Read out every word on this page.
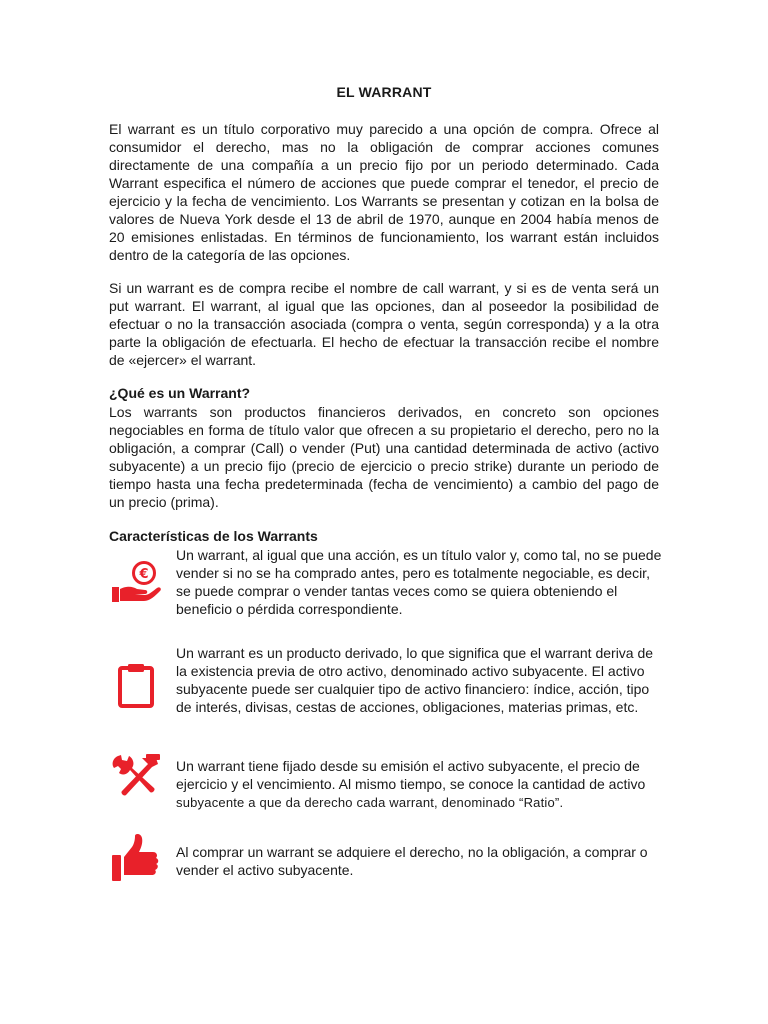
EL WARRANT

El warrant es un título corporativo muy parecido a una opción de compra. Ofrece al consumidor el derecho, mas no la obligación de comprar acciones comunes directamente de una compañía a un precio fijo por un periodo determinado. Cada Warrant especifica el número de acciones que puede comprar el tenedor, el precio de ejercicio y la fecha de vencimiento. Los Warrants se presentan y cotizan en la bolsa de valores de Nueva York desde el 13 de abril de 1970, aunque en 2004 había menos de 20 emisiones enlistadas. En términos de funcionamiento, los warrant están incluidos dentro de la categoría de las opciones.

Si un warrant es de compra recibe el nombre de call warrant, y si es de venta será un put warrant. El warrant, al igual que las opciones, dan al poseedor la posibilidad de efectuar o no la transacción asociada (compra o venta, según corresponda) y a la otra parte la obligación de efectuarla. El hecho de efectuar la transacción recibe el nombre de «ejercer» el warrant.

¿Qué es un Warrant?

Los warrants son productos financieros derivados, en concreto son opciones negociables en forma de título valor que ofrecen a su propietario el derecho, pero no la obligación, a comprar (Call) o vender (Put) una cantidad determinada de activo (activo subyacente) a un precio fijo (precio de ejercicio o precio strike) durante un periodo de tiempo hasta una fecha predeterminada (fecha de vencimiento) a cambio del pago de un precio (prima).

Características de los Warrants

€

Un warrant, al igual que una acción, es un título valor y, como tal, no se puede vender si no se ha comprado antes, pero es totalmente negociable, es decir, se puede comprar o vender tantas veces como se quiera obteniendo el beneficio o pérdida correspondiente.

Un warrant es un producto derivado, lo que significa que el warrant deriva de la existencia previa de otro activo, denominado activo subyacente. El activo subyacente puede ser cualquier tipo de activo financiero: índice, acción, tipo de interés, divisas, cestas de acciones, obligaciones, materias primas, etc.

Un warrant tiene fijado desde su emisión el activo subyacente, el precio de ejercicio y el vencimiento. Al mismo tiempo, se conoce la cantidad de activo subyacente a que da derecho cada warrant, denominado “Ratio”.

Al comprar un warrant se adquiere el derecho, no la obligación, a comprar o vender el activo subyacente.
